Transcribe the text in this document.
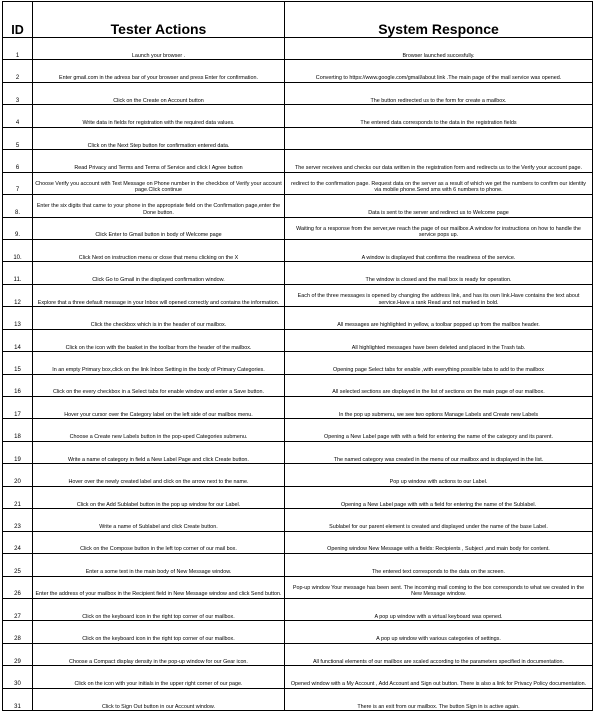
ID	Tester Actions	System Responce
1	Launch your browser .	Browser launched succesfully.
2	Enter gmail.com in the adress bar of your browser and press Enter for confirmation.	Converting to https://www.google.com/gmail/about link .The main page of the mail service was opened.
3	Click on the Create on Account button	The button redirected us to the form for create a mailbox.
4	Write data in fields for registration with the required data values.	The entered data corresponds to the data in the registration fields
5	Click on the Next Step button for confirmation entered data.	
6	Read Privacy and Terms and Terms of Service and click I Agree button	The server receives and checks our data written in the registration form and redirects us to the Verify your account page.
7	Choose Verify you account with Text Message on Phone number in the checkbox of Verify your account page.Click continue	redirect to the confirmation page. Request data on the server as a result of which we get the numbers to confirm our identity via mobile phone.Send sms with 6 numbers to phone.
8.	Enter the six digits that came to your phone in the appropriate field on the Confirmation page,enter the Done button.	Data is sent to the server and redirect us to Welcome page
9.	Click Enter to Gmail button in body of Welcome page	Waiting for a response from the server,we reach the page of our mailbox.A window for instructions on how to handle the service pops up.
10.	Click Next on instruction menu or close that menu clicking on the X	A window is displayed that confirms the readiness of the service.
11.	Click Go to Gmail in the displayed confirmation window.	The window is closed and the mail box is ready for operation.
12	Explore that a three default message in your Inbox will opened correctly and contains the information.	Each of the three messages is opened by changing the address link, and has its own link.Have contains the text about service.Have a rank Read and not marked in bold.
13	Click the checkbox which is in the header of our mailbox.	All messages are highlighted in yellow, a toolbar popped up from the mailbox header.
14	Click on the icon with the basket in the toolbar from the header of the mailbox.	All highlighted messages have been deleted and placed in the Trash tab.
15	In an empty Primary box,click on the link Inbox Setting in the body of Primary Categories.	Opening page Select tabs for enable ,with everything possible tabs to add to the mailbox
16	Click on the every checkbox in a Select tabs for enable window and enter a Save button.	All selected sections are displayed in the list of sections on the main page of our mailbox.
17	Hover your cursor over the Category label on the left side of our mailbox menu.	In the pop up submenu, we see two options Manage Labels and Create new Labels
18	Choose a Create new Labels button in the pop-uped Categories submenu.	Opening a New Label page with with a field for entering the name of the category and its parent.
19	Write a name of category in field a New Label Page and click Create button.	The named category was created in the menu of our mailbox and is displayed in the list.
20	Hover over the newly created label and click on the arrow next to the name.	Pop up window with actions to our Label.
21	Click on the Add Sublabel button in the pop up window for our Label.	Opening a New Label page with with a field for entering the name of the Sublabel.
23	Write a name of Sublabel and click Create button.	Sublabel for our parent element is created and displayed under the name of the base Label.
24	Click on the Compose button in the left top corner of our mail box.	Opening window New Message with a fields: Recipients , Subject ,and main body for content.
25	Enter a some text in the main body of New Message window.	The entered text corresponds to the data on the screen.
26	Enter the address of your mailbox in the Recipient field in New Message window and click Send button.	Pop-up window Your message has been sent. The incoming mail coming to the box corresponds to what we created in the New Message window.
27	Click on the keyboard icon in the right top corner of our mailbox.	A pop up window with a virtual keyboard was opened.
28	Click on the keyboard icon in the right top corner of our mailbox.	A pop up window with various categories of settings.
29	Choose a Compact display density in the pop-up window for our Gear icon.	All functional elements of our mailbox are scaled according to the parameters specified in documentation.
30	Click on the icon with your initials in the upper right corner of our page.	Opened window with a My Account , Add Account and Sign out button. There is also a link for Privacy Policy documentation.
31	Click to Sign Out button in our Account window.	There is an exit from our mailbox. The button Sign in is active again.
